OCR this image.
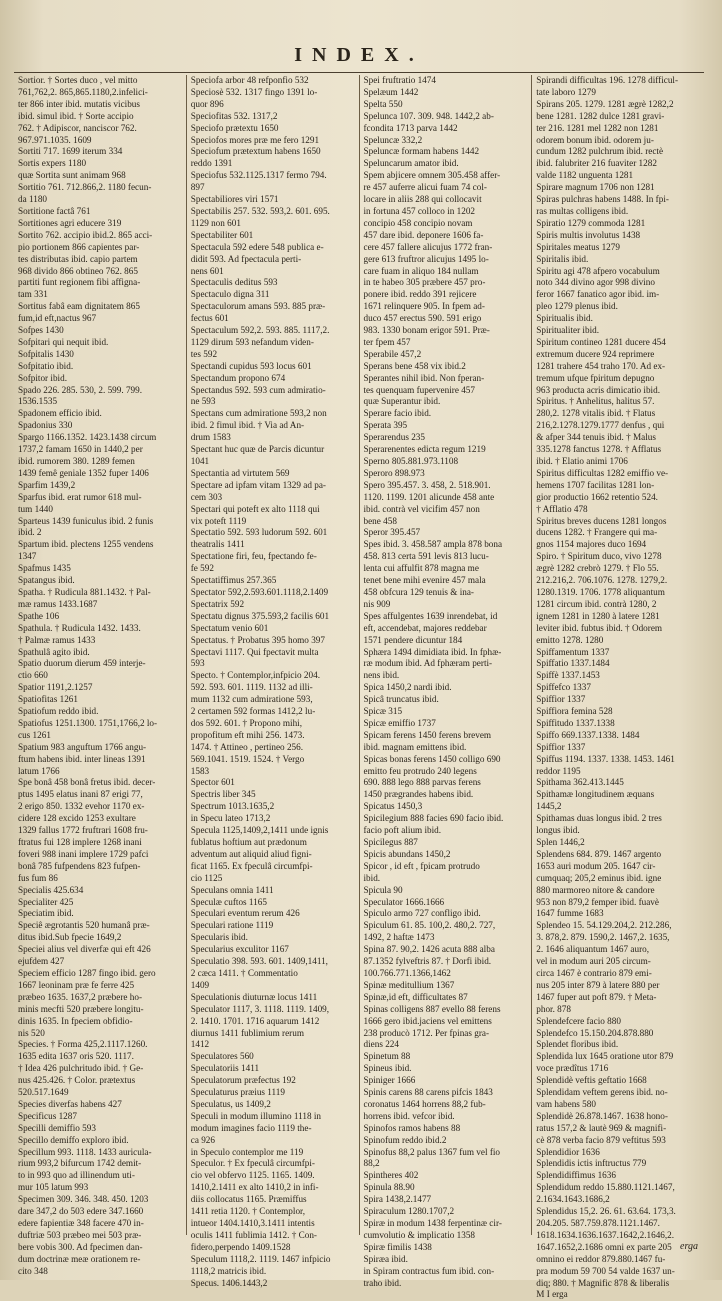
INDEX.
Sortior. † Sortes duco , vel mitto
761,762,2. 865,865.1180,2.infelici-
ter 866 inter ibid. mutatis vicibus
ibid. simul ibid. † Sorte accipio
762. † Adipiscor, nanciscor 762.
967.971.1035. 1609
Sortiti 717. 1699 iterum 334
Sortis expers 1180
quæ Sortita sunt animam 968
Sortitio 761. 712.866,2. 1180 fecun-
da 1180
Sortitione factâ 761
Sortitiones agri educere 319
Sortito 762. accipio ibid.2. 865 acci-
pio portionem 866 capientes par-
tes distributas ibid. capio partem
968 divido 866 obtineo 762. 865
partiti funt regionem fibi affigna-
tam 331
Sortitus fabâ eam dignitatem 865
fum,id eft,nactus 967
Sofpes 1430
Sofpitari qui nequit ibid.
Sofpitalis 1430
Sofpitatio ibid.
Sofpitor ibid.
Spado 226. 285. 530, 2. 599. 799.
1536.1535
Spadonem efficio ibid.
Spadonius 330
Spargo 1166.1352. 1423.1438 circum
1737,2 famam 1650 in 1440,2 per
ibid. rumorem 380. 1289 femen
1439 femê geniale 1352 fuper 1406
Sparfim 1439,2
Sparfus ibid. erat rumor 618 mul-
tum 1440
Sparteus 1439 funiculus ibid. 2 funis
ibid. 2
Spartum ibid. plectens 1255 vendens
1347
Spafmus 1435
Spatangus ibid.
Spatha. † Rudicula 881.1432. † Pal-
mæ ramus 1433.1687
Spathe 106
Spathula. † Rudicula 1432. 1433.
† Palmæ ramus 1433
Spathulâ agito ibid.
Spatio duorum dierum 459 interje-
ctio 660
Spatior 1191,2.1257
Spatiofitas 1261
Spatiofum reddo ibid.
Spatiofus 1251.1300. 1751,1766,2 lo-
cus 1261
Spatium 983 anguftum 1766 angu-
ftum habens ibid. inter lineas 1391
latum 1766
Spe bonâ 458 bonâ fretus ibid. decer-
ptus 1495 elatus inani 87 erigi 77,
2 erigo 850. 1332 evehor 1170 ex-
cidere 128 excido 1253 exultare
1329 fallus 1772 fruftrari 1608 fru-
ftratus fui 128 implere 1268 inani
foveri 988 inani implere 1729 pafci
bonâ 785 fufpendens 823 fufpen-
fus fum 86
Specialis 425.634
Specialiter 425
Speciatim ibid.
Speciê ægrotantis 520 humanâ præ-
ditus ibid.Sub fpecie 1649,2
Speciei alius vel diverfæ qui eft 426
ejufdem 427
Speciem efficio 1287 fingo ibid. gero
1667 leoninam præ fe ferre 425
præbeo 1635. 1637,2 præbere ho-
minis mecfti 520 præbere longitu-
dinis 1635. In fpeciem obfidio-
nis 520
Species. † Forma 425,2.1117.1260.
1635 edita 1637 oris 520. 1117.
† Idea 426 pulchritudo ibid. † Ge-
nus 425.426. † Color. prætextus
520.517.1649
Species diverfas habens 427
Specificus 1287
Specilli demiffio 593
Specillo demiffo exploro ibid.
Specillum 993. 1118. 1433 auricula-
rium 993,2 bifurcum 1742 demit-
to in 993 quo ad illinendum uti-
mur 105 latum 993
Specimen 309. 346. 348. 450. 1203
dare 347,2 do 503 edere 347.1660
edere fapientiæ 348 facere 470 in-
duftriæ 503 præbeo mei 503 præ-
bere vobis 300. Ad fpecimen dan-
dum doctrinæ meæ orationem re-
cito 348
Speciofa arbor 48 refponfio 532
Speciosè 532. 1317 fingo 1391 lo-
quor 896
Speciofitas 532. 1317,2
Speciofo prætextu 1650
Speciofos mores præ me fero 1291
Speciofum prætextum habens 1650
reddo 1391
Speciofus 532.1125.1317 fermo 794.
897
Spectabiliores viri 1571
Spectabilis 257. 532. 593,2. 601. 695.
1129 non 601
Spectabiliter 601
Spectacula 592 edere 548 publica e-
didit 593. Ad fpectacula perti-
nens 601
Spectaculis deditus 593
Spectaculo digna 311
Spectaculorum amans 593. 885 præ-
fectus 601
Spectaculum 592,2. 593. 885. 1117,2.
1129 dirum 593 nefandum viden-
tes 592
Spectandi cupidus 593 locus 601
Spectandum propono 674
Spectandus 592. 593 cum admiratio-
ne 593
Spectans cum admiratione 593,2 non
ibid. 2 fimul ibid. † Via ad An-
drum 1583
Spectant huc quæ de Parcis dicuntur
1041
Spectantia ad virtutem 569
Spectare ad ipfam vitam 1329 ad pa-
cem 303
Spectari qui poteft ex alto 1118 qui
vix poteft 1119
Spectatio 592. 593 ludorum 592. 601
theatralis 1411
Spectatione firi, feu, fpectando fe-
fe 592
Spectatiffimus 257.365
Spectator 592,2.593.601.1118,2.1409
Spectatrix 592
Spectatu dignus 375.593,2 facilis 601
Spectatum venio 601
Spectatus. † Probatus 395 homo 397
Spectavi 1117. Qui fpectavit multa
593
Specto. † Contemplor,infpicio 204.
592. 593. 601. 1119. 1132 ad illi-
mum 1132 cum admiratione 593,
2 certamen 592 formas 1412,2 lu-
dos 592. 601. † Propono mihi,
propofitum eft mihi 256. 1473.
1474. † Attineo , pertineo 256.
569.1041. 1519. 1524. † Vergo
1583
Spector 601
Spectris liber 345
Spectrum 1013.1635,2
in Specu lateo 1713,2
Specula 1125,1409,2,1411 unde ignis
fublatus hoftium aut prædonum
adventum aut aliquid aliud figni-
ficat 1165. Ex fpeculâ circumfpi-
cio 1125
Speculans omnia 1411
Speculæ cuftos 1165
Speculari eventum rerum 426
Speculari ratione 1119
Specularis ibid.
Specularius exculitor 1167
Speculatio 398. 593. 601. 1409,1411,
2 cæca 1411. † Commentatio
1409
Speculationis diuturnæ locus 1411
Speculator 1117, 3. 1118. 1119. 1409,
2. 1410. 1701. 1716 aquarum 1412
diurnus 1411 fublimium rerum
1412
Speculatores 560
Speculatoriis 1411
Speculatorum præfectus 192
Speculaturus præius 1119
Speculatus, us 1409,2
Speculi in modum illumino 1118 in
modum imagines facio 1119 the-
ca 926
in Speculo contemplor me 119
Speculor. † Ex fpeculâ circumfpi-
cio vel obfervo 1125. 1165. 1409.
1410,2.1411 ex alto 1410,2 in infi-
diis collocatus 1165. Præmiffus
1411 retia 1120. † Contemplor,
intueor 1404.1410,3.1411 intentis
oculis 1411 fublimia 1412. † Con-
fidero,perpendo 1409.1528
Speculum 1118,2. 1119. 1467 infpicio
1118,2 matricis ibid.
Specus. 1406.1443,2
Spei fruftratio 1474
Spelæum 1442
Spelta 550
Spelunca 107. 309. 948. 1442,2 ab-
fcondita 1713 parva 1442
Speluncæ 332,2
Speluncæ formam habens 1442
Speluncarum amator ibid.
Spem abjicere omnem 305.458 affer-
re 457 auferre alicui fuam 74 col-
locare in aliis 288 qui collocavit
in fortuna 457 colloco in 1202
concipio 458 concipio novam
457 dare ibid. deponere 1606 fa-
cere 457 fallere alicujus 1772 fran-
gere 613 fruftror alicujus 1495 lo-
care fuam in aliquo 184 nullam
in te habeo 305 præbere 457 pro-
ponere ibid. reddo 391 rejicere
1671 relinquere 905. In fpem ad-
duco 457 erectus 590. 591 erigo
983. 1330 bonam erigor 591. Præ-
ter fpem 457
Sperabile 457,2
Sperans bene 458 vix ibid.2
Sperantes nihil ibid. Non fperan-
tes quenquam fupervenire 457
quæ Superantur ibid.
Sperare facio ibid.
Sperata 395
Sperarendus 235
Sperarenentes edicta regum 1219
Sperno 805.881.973.1108
Speroro 898.973
Spero 395.457. 3. 458, 2. 518.901.
1120. 1199. 1201 alicunde 458 ante
ibid. contrà vel vicifim 457 non
bene 458
Speror 395.457
Spes ibid. 3. 458.587 ampla 878 bona
458. 813 certa 591 levis 813 lucu-
lenta cui affulfit 878 magna me
tenet bene mihi evenire 457 mala
458 obfcura 129 tenuis & ina-
nis 909
Spes affulgentes 1639 inrendebat, id
eft, accendebat, majores reddebar
1571 pendere dicuntur 184
Sphæra 1494 dimidiata ibid. In fphæ-
ræ modum ibid. Ad fphæram perti-
nens ibid.
Spica 1450,2 nardi ibid.
Spicâ truncatus ibid.
Spicæ 315
Spicæ emiffio 1737
Spicam ferens 1450 ferens brevem
ibid. magnam emittens ibid.
Spicas bonas ferens 1450 colligo 690
emitto feu protrudo 240 legens
690. 888 lego 888 parvas ferens
1450 prægrandes habens ibid.
Spicatus 1450,3
Spicilegium 888 facies 690 facio ibid.
facio poft alium ibid.
Spicilegus 887
Spicis abundans 1450,2
Spicor , id eft , fpicam protrudo
ibid.
Spicula 90
Speculator 1666.1666
Spiculo armo 727 confligo ibid.
Spiculum 61. 85. 100,2. 480,2. 727,
1492, 2 haftæ 1473
Spina 87. 90,2. 1426 acuta 888 alba
87.1352 fylveftris 87. † Dorfi ibid.
100.766.771.1366,1462
Spinæ meditullium 1367
Spinæ,id eft, difficultates 87
Spinas colligens 887 evello 88 ferens
1666 gero ibid.jaciens vel emittens
238 producò 1712. Per fpinas gra-
diens 224
Spinetum 88
Spineus ibid.
Spiniger 1666
Spinis carens 88 carens pifcis 1843
coronatus 1464 horrens 88,2 fub-
horrens ibid. vefcor ibid.
Spinofos ramos habens 88
Spinofum reddo ibid.2
Spinofus 88,2 palus 1367 fum vel fio
88,2
Spintheres 402
Spinula 88.90
Spira 1438,2.1477
Spiraculum 1280.1707,2
Spiræ in modum 1438 ferpentinæ cir-
cumvolutio & implicatio 1358
Spiræ fimilis 1438
Spiræa ibid.
in Spiram contractus fum ibid. con-
traho ibid.
Spirandi difficultas 196. 1278 difficul-
tate laboro 1279
Spirans 205. 1279. 1281 ægrè 1282,2
bene 1281. 1282 dulce 1281 gravi-
ter 216. 1281 mel 1282 non 1281
odorem bonum ibid. odorem ju-
cundum 1282 pulchrum ibid. rectè
ibid. falubriter 216 fuaviter 1282
valde 1182 unguenta 1281
Spirare magnum 1706 non 1281
Spiras pulchras habens 1488. In fpi-
ras multas colligens ibid.
Spiratio 1279 commoda 1281
Spiris multis involutus 1438
Spiritales meatus 1279
Spiritalis ibid.
Spiritu agi 478 afpero vocabulum
noto 344 divino agor 998 divino
feror 1667 fanatico agor ibid. im-
pleo 1279 plenus ibid.
Spiritualis ibid.
Spiritualiter ibid.
Spiritum contineo 1281 ducere 454
extremum ducere 924 reprimere
1281 trahere 454 traho 170. Ad ex-
tremum ufque fpiritum depugno
963 producta acris dimicatio ibid.
Spiritus. † Anhelitus, halitus 57.
280,2. 1278 vitalis ibid. † Flatus
216,2.1278.1279.1777 denfus , qui
& afper 344 tenuis ibid. † Malus
335.1278 fanctus 1278. † Afflatus
ibid. † Elatio animi 1706
Spiritus difficultas 1282 emiffio ve-
hemens 1707 facilitas 1281 lon-
gior productio 1662 retentio 524.
† Afflatio 478
Spiritus breves ducens 1281 longos
ducens 1282. † Frangere qui ma-
gnos 1154 majores duco 1694
Spiro. † Spiritum duco, vivo 1278
ægrè 1282 crebrò 1279. † Flo 55.
212.216,2. 706.1076. 1278. 1279,2.
1280.1319. 1706. 1778 aliquantum
1281 circum ibid. contrà 1280, 2
ignem 1281 in 1280 à latere 1281
leviter ibid. fubtus ibid. † Odorem
emitto 1278. 1280
Spiffamentum 1337
Spiffatio 1337.1484
Spiffè 1337.1453
Spiffefco 1337
Spiffior 1337
Spiffiora femina 528
Spiffitudo 1337.1338
Spiffo 669.1337.1338. 1484
Spiffior 1337
Spiffus 1194. 1337. 1338. 1453. 1461
reddor 1195
Spithama 362.413.1445
Spithamæ longitudinem æquans
1445,2
Spithamas duas longus ibid. 2 tres
longus ibid.
Splen 1446,2
Splendens 684. 879. 1467 argento
1653 auri modum 205. 1647 cir-
cumquaq; 205,2 eminus ibid. igne
880 marmoreo nitore & candore
953 non 879,2 femper ibid. fuavè
1647 fumme 1683
Splendeo 15. 54.129.204,2. 212.286,
3. 878,2. 879. 1590,2. 1467,2. 1635,
2. 1646 aliquantum 1467 auro,
vel in modum auri 205 circum-
circa 1467 è contrario 879 emi-
nus 205 inter 879 à latere 880 per
1467 fuper aut poft 879. † Meta-
phor. 878
Splendefcere facio 880
Splendefco 15.150.204.878.880
Splendet floribus ibid.
Splendida lux 1645 oratione utor 879
voce prædîtus 1716
Splendidè veftis geftatio 1668
Splendidam veftem gerens ibid. no-
vam habens 580
Splendidè 26.878.1467. 1638 hono-
ratus 157,2 & lautè 969 & magnifi-
cè 878 verba facio 879 veftitus 593
Splendidior 1636
Splendidis ictis inftructus 779
Splendidiffimus 1636
Splendidum reddo 15.880.1121.1467,
2.1634.1643.1686,2
Splendidus 15,2. 26. 61. 63.64. 173,3.
204.205. 587.759.878.1121.1467.
1618.1634.1636.1637.1642,2.1646,2.
1647.1652,2.1686 omni ex parte 205
omnino ei reddor 879.880.1467 fu-
pra modum 59 700 54 valde 1637 un-
diq; 880. † Magnific 878 & liberalis
M I erga
erga
